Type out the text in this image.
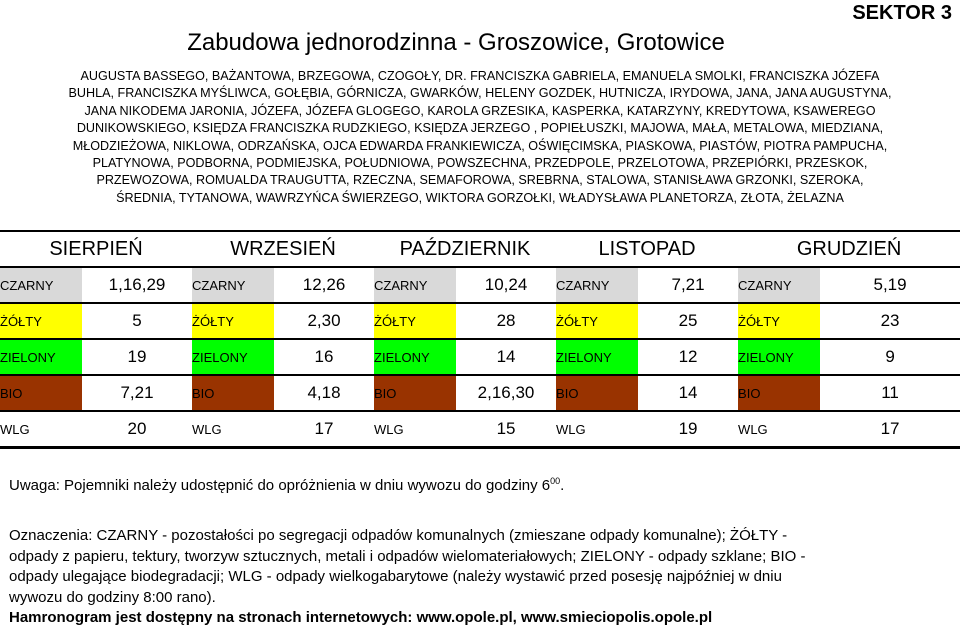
SEKTOR 3
Zabudowa jednorodzinna - Groszowice, Grotowice
AUGUSTA BASSEGO, BAŻANTOWA, BRZEGOWA, CZOGOŁY, DR. FRANCISZKA GABRIELA, EMANUELA SMOLKI, FRANCISZKA JÓZEFA
BUHLA, FRANCISZKA MYŚLIWCA, GOŁĘBIA, GÓRNICZA, GWARKÓW, HELENY GOZDEK, HUTNICZA, IRYDOWA, JANA, JANA AUGUSTYNA,
JANA NIKODEMA JARONIA, JÓZEFA, JÓZEFA GLOGEGO, KAROLA GRZESIKA, KASPERKA, KATARZYNY, KREDYTOWA, KSAWEREGO
DUNIKOWSKIEGO, KSIĘDZA FRANCISZKA RUDZKIEGO, KSIĘDZA JERZEGO , POPIEŁUSZKI, MAJOWA, MAŁA, METALOWA, MIEDZIANA,
MŁODZIEŻOWA, NIKLOWA, ODRZAŃSKA, OJCA EDWARDA FRANKIEWICZA, OŚWIĘCIMSKA, PIASKOWA, PIASTÓW, PIOTRA PAMPUCHA,
PLATYNOWA, PODBORNA, PODMIEJSKA, POŁUDNIOWA, POWSZECHNA, PRZEDPOLE, PRZELOTOWA, PRZEPIÓRKI, PRZESKOK,
PRZEWOZOWA, ROMUALDA TRAUGUTTA, RZECZNA, SEMAFOROWA, SREBRNA, STALOWA, STANISŁAWA GRZONKI, SZEROKA,
ŚREDNIA, TYTANOWA, WAWRZYŃCA ŚWIERZEGO, WIKTORA GORZOŁKI, WŁADYSŁAWA PLANETORZA, ZŁOTA, ŻELAZNA
SIERPIEŃ		WRZESIEŃ		PAŹDZIERNIK		LISTOPAD		GRUDZIEŃ	
CZARNY	1,16,29	CZARNY	12,26	CZARNY	10,24	CZARNY	7,21	CZARNY	5,19
ŻÓŁTY	5	ŻÓŁTY	2,30	ŻÓŁTY	28	ŻÓŁTY	25	ŻÓŁTY	23
ZIELONY	19	ZIELONY	16	ZIELONY	14	ZIELONY	12	ZIELONY	9
BIO	7,21	BIO	4,18	BIO	2,16,30	BIO	14	BIO	11
WLG	20	WLG	17	WLG	15	WLG	19	WLG	17
Uwaga: Pojemniki należy udostępnić do opróżnienia w dniu wywozu do godziny $6^{00}$.
Oznaczenia: CZARNY - pozostałości po segregacji odpadów komunalnych (zmieszane odpady komunalne); ŻÓŁTY -
odpady z papieru, tektury, tworzyw sztucznych, metali i odpadów wielomateriałowych; ZIELONY - odpady szklane; BIO -
odpady ulegające biodegradacji; WLG - odpady wielkogabarytowe (należy wystawić przed posesję najpóźniej w dniu
wywozu do godziny 8:00 rano).
Hamronogram jest dostępny na stronach internetowych: www.opole.pl, www.smieciopolis.opole.pl
